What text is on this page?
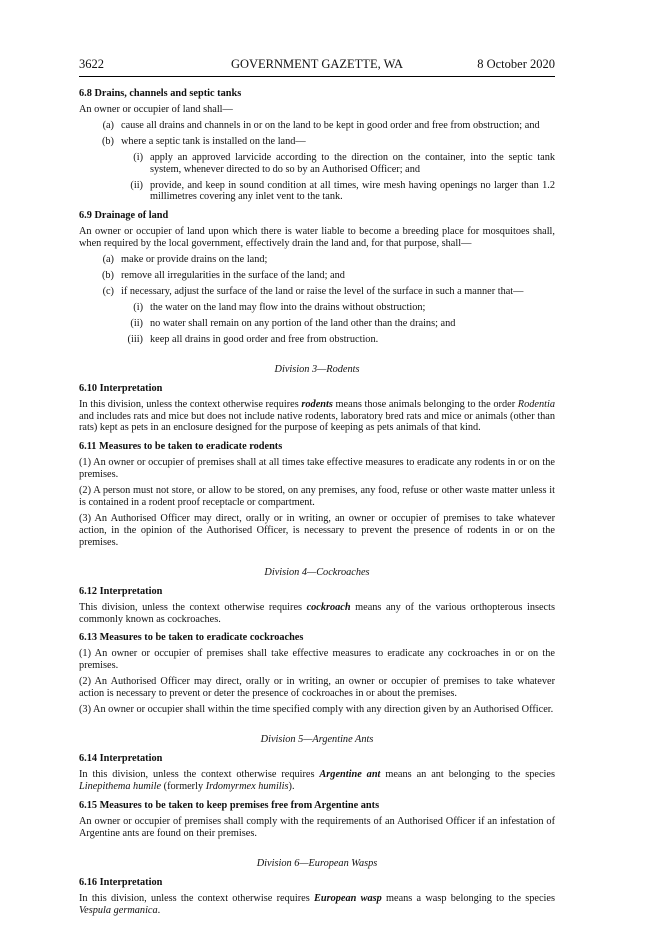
3622	GOVERNMENT GAZETTE, WA	8 October 2020
6.8 Drains, channels and septic tanks

An owner or occupier of land shall—

(a) cause all drains and channels in or on the land to be kept in good order and free from obstruction; and
(b) where a septic tank is installed on the land—
(i) apply an approved larvicide according to the direction on the container, into the septic tank system, whenever directed to do so by an Authorised Officer; and
(ii) provide, and keep in sound condition at all times, wire mesh having openings no larger than 1.2 millimetres covering any inlet vent to the tank.
6.9 Drainage of land

An owner or occupier of land upon which there is water liable to become a breeding place for mosquitoes shall, when required by the local government, effectively drain the land and, for that purpose, shall—

(a) make or provide drains on the land;
(b) remove all irregularities in the surface of the land; and
(c) if necessary, adjust the surface of the land or raise the level of the surface in such a manner that—
(i) the water on the land may flow into the drains without obstruction;
(ii) no water shall remain on any portion of the land other than the drains; and
(iii) keep all drains in good order and free from obstruction.
Division 3—Rodents
6.10 Interpretation

In this division, unless the context otherwise requires rodents means those animals belonging to the order Rodentia and includes rats and mice but does not include native rodents, laboratory bred rats and mice or animals (other than rats) kept as pets in an enclosure designed for the purpose of keeping as pets animals of that kind.

6.11 Measures to be taken to eradicate rodents

(1) An owner or occupier of premises shall at all times take effective measures to eradicate any rodents in or on the premises.

(2) A person must not store, or allow to be stored, on any premises, any food, refuse or other waste matter unless it is contained in a rodent proof receptacle or compartment.

(3) An Authorised Officer may direct, orally or in writing, an owner or occupier of premises to take whatever action, in the opinion of the Authorised Officer, is necessary to prevent the presence of rodents in or on the premises.

Division 4—Cockroaches
6.12 Interpretation

This division, unless the context otherwise requires cockroach means any of the various orthopterous insects commonly known as cockroaches.

6.13 Measures to be taken to eradicate cockroaches

(1) An owner or occupier of premises shall take effective measures to eradicate any cockroaches in or on the premises.

(2) An Authorised Officer may direct, orally or in writing, an owner or occupier of premises to take whatever action is necessary to prevent or deter the presence of cockroaches in or about the premises.

(3) An owner or occupier shall within the time specified comply with any direction given by an Authorised Officer.

Division 5—Argentine Ants
6.14 Interpretation

In this division, unless the context otherwise requires Argentine ant means an ant belonging to the species Linepithema humile (formerly Irdomyrmex humilis).

6.15 Measures to be taken to keep premises free from Argentine ants

An owner or occupier of premises shall comply with the requirements of an Authorised Officer if an infestation of Argentine ants are found on their premises.

Division 6—European Wasps
6.16 Interpretation

In this division, unless the context otherwise requires European wasp means a wasp belonging to the species Vespula germanica.
